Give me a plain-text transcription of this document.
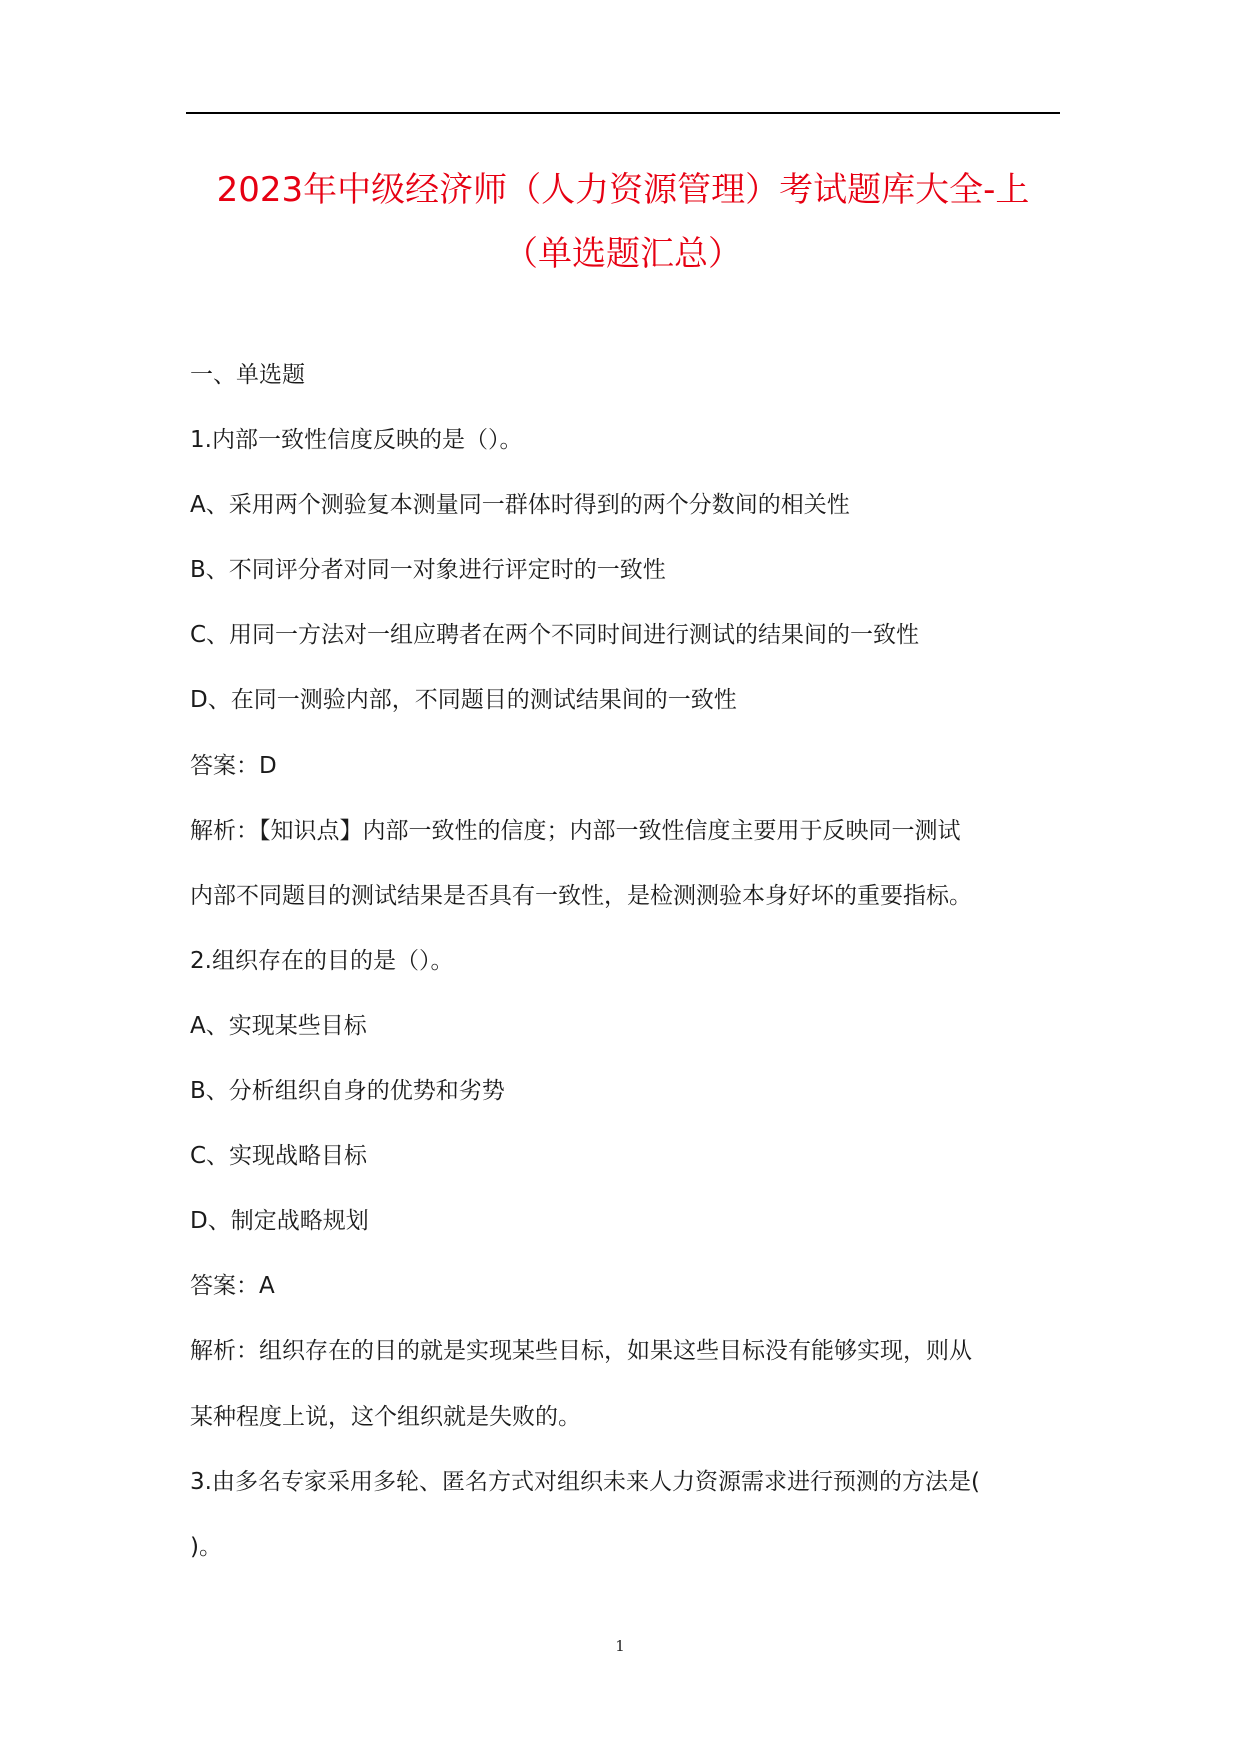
2023年中级经济师（人力资源管理）考试题库大全-上（单选题汇总）

一、单选题

1.内部一致性信度反映的是（）。

A、采用两个测验复本测量同一群体时得到的两个分数间的相关性

B、不同评分者对同一对象进行评定时的一致性

C、用同一方法对一组应聘者在两个不同时间进行测试的结果间的一致性

D、在同一测验内部，不同题目的测试结果间的一致性

答案：D

解析：【知识点】内部一致性的信度；内部一致性信度主要用于反映同一测试

内部不同题目的测试结果是否具有一致性，是检测测验本身好坏的重要指标。

2.组织存在的目的是（）。

A、实现某些目标

B、分析组织自身的优势和劣势

C、实现战略目标

D、制定战略规划

答案：A

解析：组织存在的目的就是实现某些目标，如果这些目标没有能够实现，则从

某种程度上说，这个组织就是失败的。

3.由多名专家采用多轮、匿名方式对组织未来人力资源需求进行预测的方法是(

)。

1
